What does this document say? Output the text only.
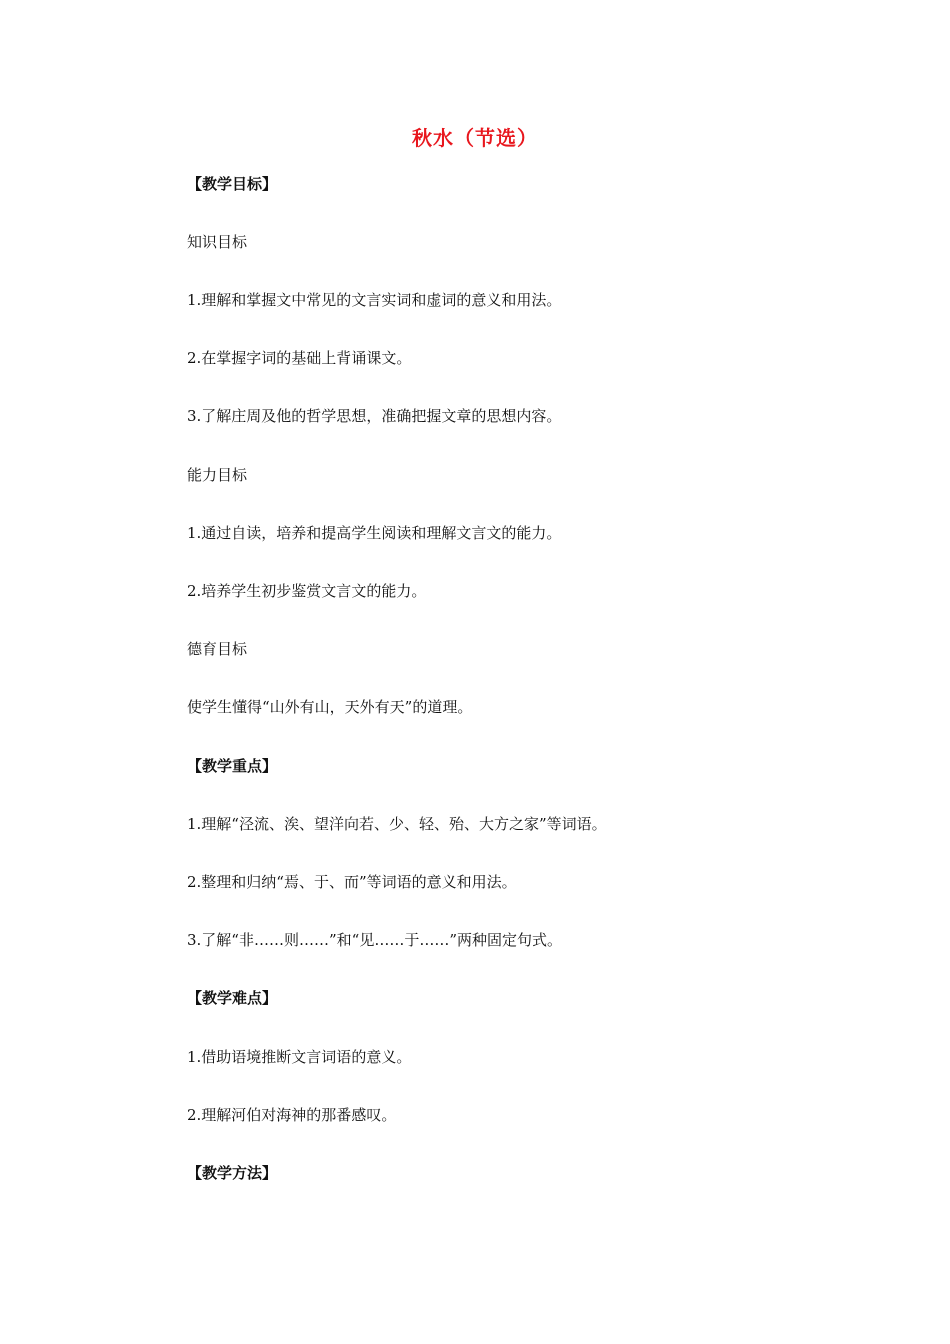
秋水（节选）
【教学目标】
知识目标
1.理解和掌握文中常见的文言实词和虚词的意义和用法。
2.在掌握字词的基础上背诵课文。
3.了解庄周及他的哲学思想，准确把握文章的思想内容。
能力目标
1.通过自读，培养和提高学生阅读和理解文言文的能力。
2.培养学生初步鉴赏文言文的能力。
德育目标
使学生懂得“山外有山，天外有天”的道理。
【教学重点】
1.理解“泾流、涘、望洋向若、少、轻、殆、大方之家”等词语。
2.整理和归纳“焉、于、而”等词语的意义和用法。
3.了解“非……则……”和“见……于……”两种固定句式。
【教学难点】
1.借助语境推断文言词语的意义。
2.理解河伯对海神的那番感叹。
【教学方法】
